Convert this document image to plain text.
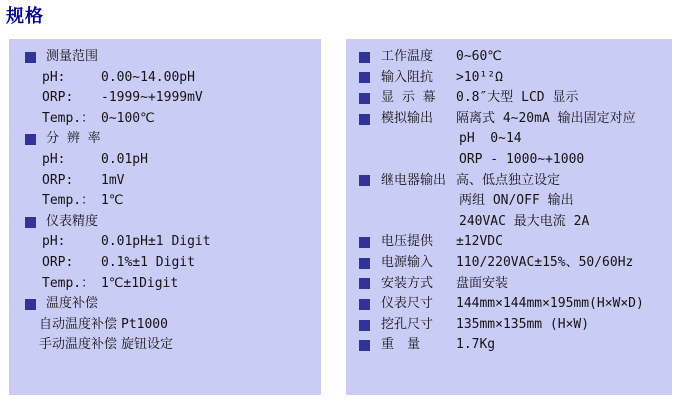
规格
测量范围
pH:	0.00~14.00pH
ORP:	-1999~+1999mV
Temp.： 0~100℃
分 辨 率
pH:	0.01pH
ORP:	1mV
Temp.： 1℃
仪表精度
pH:	0.01pH±1 Digit
ORP:	0.1%±1 Digit
Temp.： 1℃±1Digit
温度补偿
自动温度补偿 Pt1000
手动温度补偿 旋钮设定
工作温度	0~60℃
输入阻抗	>10¹²Ω
显 示 幕	0.8″大型 LCD 显示
模拟输出	隔离式 4~20mA 输出固定对应
pH  0~14
ORP - 1000~+1000
继电器输出 高、低点独立设定
两组 ON/OFF 输出
240VAC 最大电流 2A
电压提供	±12VDC
电源输入	110/220VAC±15%、50/60Hz
安装方式	盘面安装
仪表尺寸	144mm×144mm×195mm(H×W×D)
挖孔尺寸	135mm×135mm (H×W)
重　量	1.7Kg
